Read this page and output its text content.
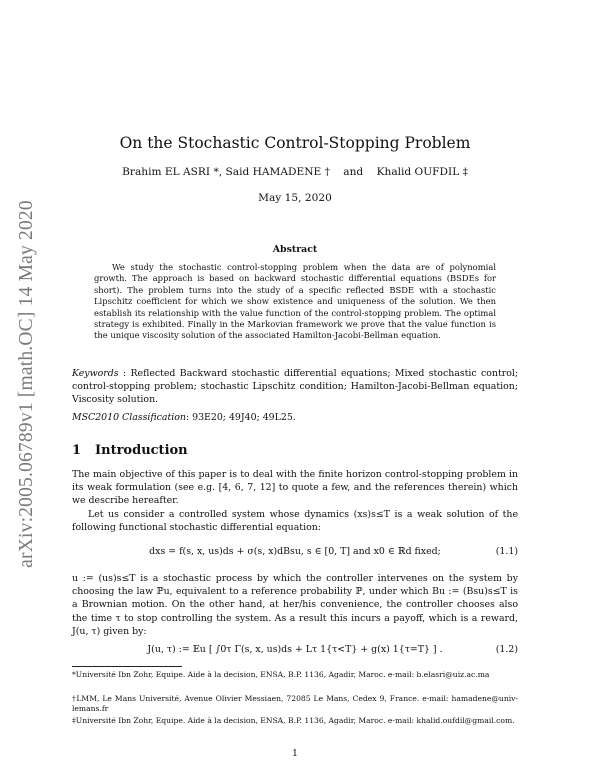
arXiv:2005.06789v1 [math.OC] 14 May 2020
On the Stochastic Control-Stopping Problem
Brahim EL ASRI *, Said HAMADENE † and Khalid OUFDIL ‡
May 15, 2020
Abstract
We study the stochastic control-stopping problem when the data are of polynomial growth. The approach is based on backward stochastic differential equations (BSDEs for short). The problem turns into the study of a specific reflected BSDE with a stochastic Lipschitz coefficient for which we show existence and uniqueness of the solution. We then establish its relationship with the value function of the control-stopping problem. The optimal strategy is exhibited. Finally in the Markovian framework we prove that the value function is the unique viscosity solution of the associated Hamilton-Jacobi-Bellman equation.
Keywords : Reflected Backward stochastic differential equations; Mixed stochastic control; control-stopping problem; stochastic Lipschitz condition; Hamilton-Jacobi-Bellman equation; Viscosity solution.
MSC2010 Classification: 93E20; 49J40; 49L25.
1 Introduction
The main objective of this paper is to deal with the finite horizon control-stopping problem in its weak formulation (see e.g. [4, 6, 7, 12] to quote a few, and the references therein) which we describe hereafter.
Let us consider a controlled system whose dynamics (xs)s≤T is a weak solution of the following functional stochastic differential equation:
dxs = f(s, x, us)ds + σ(s, x)dBsu, s ∈ [0, T] and x0 ∈ ℝd fixed;	(1.1)
u := (us)s≤T is a stochastic process by which the controller intervenes on the system by choosing the law ℙu, equivalent to a reference probability ℙ, under which Bu := (Bsu)s≤T is a Brownian motion. On the other hand, at her/his convenience, the controller chooses also the time τ to stop controlling the system. As a result this incurs a payoff, which is a reward, J(u, τ) given by:
J(u, τ) := 𝔼u [ ∫0τ Γ(s, x, us)ds + Lτ 1{τ<T} + g(x) 1{τ=T} ] .	(1.2)
*Université Ibn Zohr, Equipe. Aide à la decision, ENSA, B.P. 1136, Agadir, Maroc. e-mail: b.elasri@uiz.ac.ma
†LMM, Le Mans Université, Avenue Olivier Messiaen, 72085 Le Mans, Cedex 9, France. e-mail: hamadene@univ-lemans.fr
‡Université Ibn Zohr, Equipe. Aide à la decision, ENSA, B.P. 1136, Agadir, Maroc. e-mail: khalid.oufdil@gmail.com.
1
